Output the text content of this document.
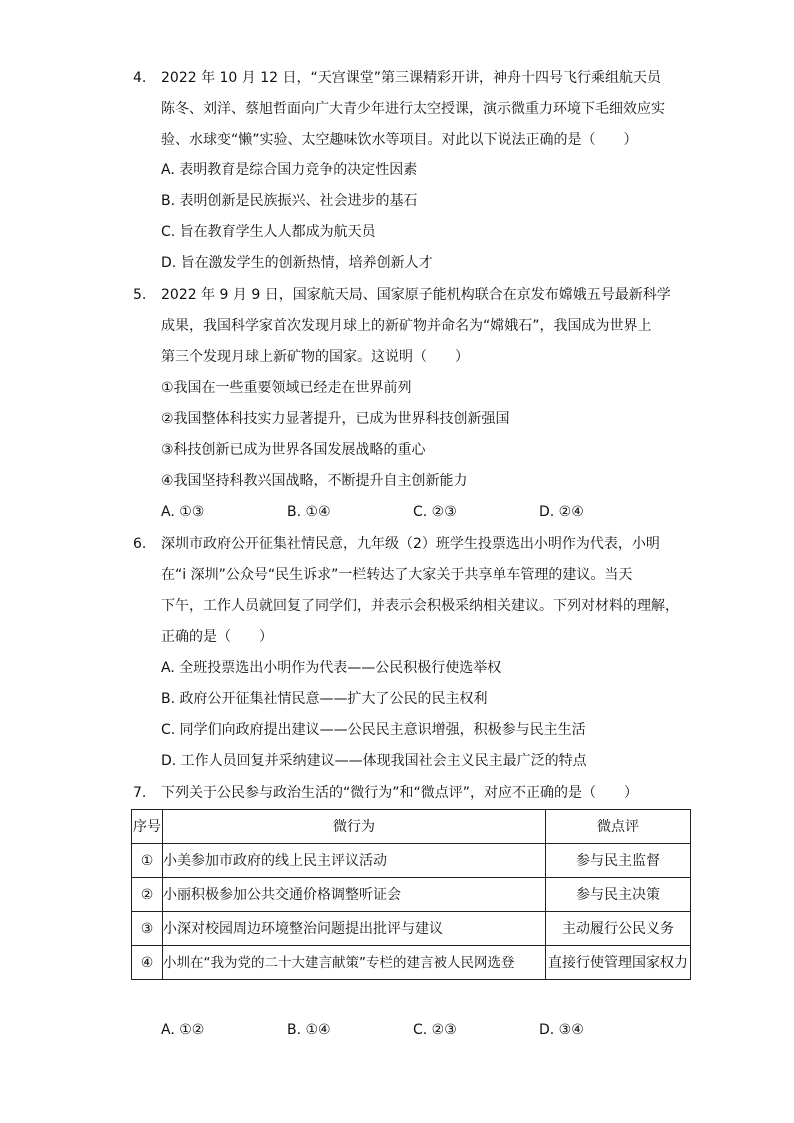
4. 2022 年 10 月 12 日，“天宫课堂”第三课精彩开讲，神舟十四号飞行乘组航天员
陈冬、刘洋、蔡旭哲面向广大青少年进行太空授课，演示微重力环境下毛细效应实
验、水球变“懒”实验、太空趣味饮水等项目。对此以下说法正确的是（　　）
A. 表明教育是综合国力竞争的决定性因素
B. 表明创新是民族振兴、社会进步的基石
C. 旨在教育学生人人都成为航天员
D. 旨在激发学生的创新热情，培养创新人才
5. 2022 年 9 月 9 日，国家航天局、国家原子能机构联合在京发布嫦娥五号最新科学
成果，我国科学家首次发现月球上的新矿物并命名为“嫦娥石”，我国成为世界上
第三个发现月球上新矿物的国家。这说明（　　）
①我国在一些重要领域已经走在世界前列
②我国整体科技实力显著提升，已成为世界科技创新强国
③科技创新已成为世界各国发展战略的重心
④我国坚持科教兴国战略，不断提升自主创新能力
A. ①③	B. ①④	C. ②③	D. ②④
6. 深圳市政府公开征集社情民意，九年级（2）班学生投票选出小明作为代表，小明
在“i 深圳”公众号“民生诉求”一栏转达了大家关于共享单车管理的建议。当天
下午，工作人员就回复了同学们，并表示会积极采纳相关建议。下列对材料的理解，
正确的是（　　）
A. 全班投票选出小明作为代表——公民积极行使选举权
B. 政府公开征集社情民意——扩大了公民的民主权利
C. 同学们向政府提出建议——公民民主意识增强，积极参与民主生活
D. 工作人员回复并采纳建议——体现我国社会主义民主最广泛的特点
7. 下列关于公民参与政治生活的“微行为”和“微点评”，对应不正确的是（　　）
序号	微行为	微点评
①	小美参加市政府的线上民主评议活动	参与民主监督
②	小丽积极参加公共交通价格调整听证会	参与民主决策
③	小深对校园周边环境整治问题提出批评与建议	主动履行公民义务
④	小圳在“我为党的二十大建言献策”专栏的建言被人民网选登	直接行使管理国家权力
A. ①②	B. ①④	C. ②③	D. ③④
